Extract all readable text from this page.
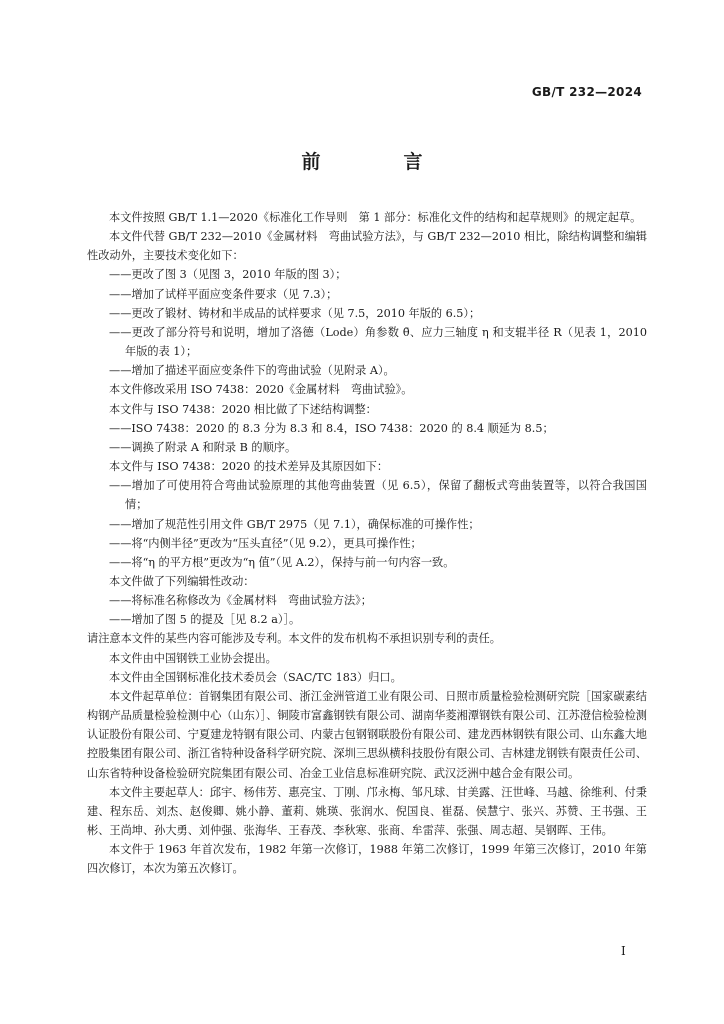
GB/T 232—2024
前　言

本文件按照 GB/T 1.1—2020《标准化工作导则　第 1 部分：标准化文件的结构和起草规则》的规定起草。

本文件代替 GB/T 232—2010《金属材料　弯曲试验方法》，与 GB/T 232—2010 相比，除结构调整和编辑性改动外，主要技术变化如下：

——更改了图 3（见图 3，2010 年版的图 3）；

——增加了试样平面应变条件要求（见 7.3）；

——更改了锻材、铸材和半成品的试样要求（见 7.5，2010 年版的 6.5）；

——更改了部分符号和说明，增加了洛德（Lode）角参数 θ̄、应力三轴度 η 和支辊半径 R（见表 1，2010 年版的表 1）；

——增加了描述平面应变条件下的弯曲试验（见附录 A）。

本文件修改采用 ISO 7438：2020《金属材料　弯曲试验》。

本文件与 ISO 7438：2020 相比做了下述结构调整：

——ISO 7438：2020 的 8.3 分为 8.3 和 8.4，ISO 7438：2020 的 8.4 顺延为 8.5；

——调换了附录 A 和附录 B 的顺序。

本文件与 ISO 7438：2020 的技术差异及其原因如下：

——增加了可使用符合弯曲试验原理的其他弯曲装置（见 6.5），保留了翻板式弯曲装置等，以符合我国国情；

——增加了规范性引用文件 GB/T 2975（见 7.1），确保标准的可操作性；

——将“内侧半径”更改为“压头直径”（见 9.2），更具可操作性；

——将“η 的平方根”更改为“η 值”（见 A.2），保持与前一句内容一致。

本文件做了下列编辑性改动：

——将标准名称修改为《金属材料　弯曲试验方法》；

——增加了图 5 的提及［见 8.2 a）］。

请注意本文件的某些内容可能涉及专利。本文件的发布机构不承担识别专利的责任。

本文件由中国钢铁工业协会提出。

本文件由全国钢标准化技术委员会（SAC/TC 183）归口。

本文件起草单位：首钢集团有限公司、浙江金洲管道工业有限公司、日照市质量检验检测研究院［国家碳素结构钢产品质量检验检测中心（山东）］、铜陵市富鑫钢铁有限公司、湖南华菱湘潭钢铁有限公司、江苏澄信检验检测认证股份有限公司、宁夏建龙特钢有限公司、内蒙古包钢钢联股份有限公司、建龙西林钢铁有限公司、山东鑫大地控股集团有限公司、浙江省特种设备科学研究院、深圳三思纵横科技股份有限公司、吉林建龙钢铁有限责任公司、山东省特种设备检验研究院集团有限公司、冶金工业信息标准研究院、武汉泛洲中越合金有限公司。

本文件主要起草人：邱宇、杨伟芳、惠亮宝、丁刚、邝永梅、邹凡球、甘美露、汪世峰、马越、徐维利、付秉建、程东岳、刘杰、赵俊卿、姚小静、董莉、姚瑛、张润水、倪国良、崔磊、侯慧宁、张兴、苏赞、王书强、王彬、王尚坤、孙大勇、刘仲强、张海华、王春茂、李秋寒、张商、牟雷萍、张强、周志超、吴钢晖、王伟。

本文件于 1963 年首次发布，1982 年第一次修订，1988 年第二次修订，1999 年第三次修订，2010 年第四次修订，本次为第五次修订。

I
